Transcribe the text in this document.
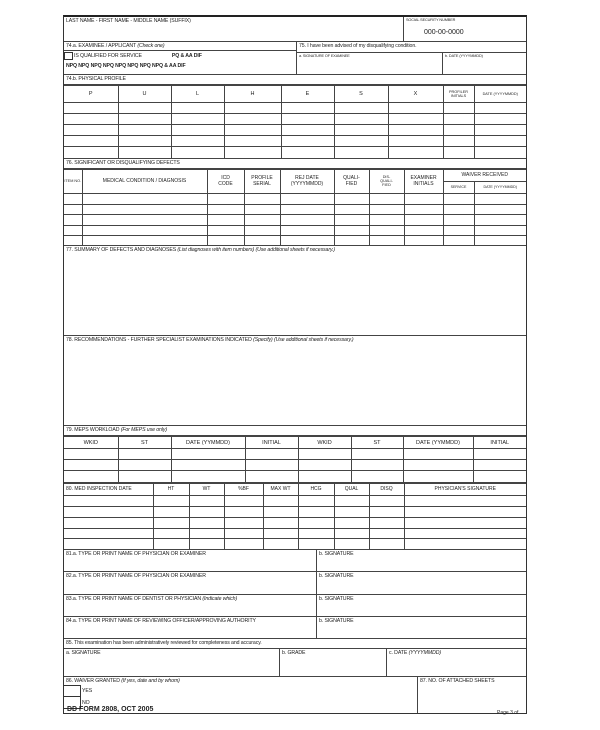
LAST NAME - FIRST NAME - MIDDLE NAME (SUFFIX)	SOCIAL SECURITY NUMBER
000-00-0000
74.a. EXAMINEE / APPLICANT (Check one)
IS QUALIFIED FOR SERVICE	PQ & AA DIF
NPQ NPQ NPQ NPQ NPQ NPQ NPQ NPQ & AA DIF
75. I have been advised of my disqualifying condition.
a. SIGNATURE OF EXAMINEE	b. DATE (YYYYMMDD)
74.b. PHYSICAL PROFILE
P	U	L	H	E	S	X	PROFILER INITIALS	DATE (YYYYMMDD)

76. SIGNIFICANT OR DISQUALIFYING DEFECTS
ITEM NO.	MEDICAL CONDITION / DIAGNOSIS	ICD CODE	PROFILE SERIAL	REJ DATE (YYYYMMDD)	QUALI-FIED	DIS-QUALI-FIED	EXAMINER INITIALS	WAIVER RECEIVED	
								SERVICE	DATE (YYYYMMDD)

77. SUMMARY OF DEFECTS AND DIAGNOSES (List diagnoses with item numbers) (Use additional sheets if necessary.)
78. RECOMMENDATIONS - FURTHER SPECIALIST EXAMINATIONS INDICATED (Specify) (Use additional sheets if necessary.)
79. MEPS WORKLOAD (For MEPS use only)
WKID	ST	DATE (YYMMDD)	INITIAL	WKID	ST	DATE (YYMMDD)	INITIAL

80. MED INSPECTION DATE	HT	WT	%BF	MAX WT	HCG	QUAL	DISQ	PHYSICIAN'S SIGNATURE

81.a. TYPE OR PRINT NAME OF PHYSICIAN OR EXAMINER	b. SIGNATURE
82.a. TYPE OR PRINT NAME OF PHYSICIAN OR EXAMINER	b. SIGNATURE
83.a. TYPE OR PRINT NAME OF DENTIST OR PHYSICIAN (Indicate which)	b. SIGNATURE
84.a. TYPE OR PRINT NAME OF REVIEWING OFFICER/APPROVING AUTHORITY	b. SIGNATURE
85. This examination has been administratively reviewed for completeness and accuracy.
a. SIGNATURE	b. GRADE	c. DATE (YYYYMMDD)
86. WAIVER GRANTED (If yes, date and by whom)
YES
NO
87. NO. OF ATTACHED SHEETS
DD FORM 2808, OCT 2005	Page 3 of
